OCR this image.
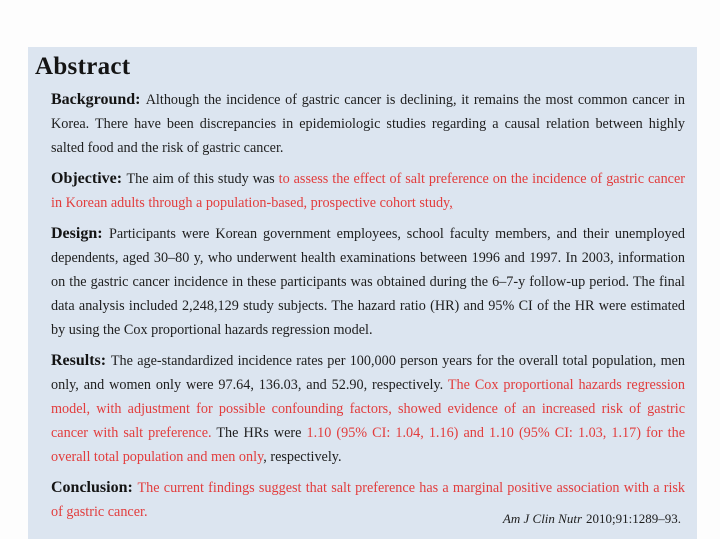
Abstract

Background: Although the incidence of gastric cancer is declining, it remains the most common cancer in Korea. There have been discrepancies in epidemiologic studies regarding a causal relation between highly salted food and the risk of gastric cancer.

Objective: The aim of this study was to assess the effect of salt preference on the incidence of gastric cancer in Korean adults through a population-based, prospective cohort study,

Design: Participants were Korean government employees, school faculty members, and their unemployed dependents, aged 30–80 y, who underwent health examinations between 1996 and 1997. In 2003, information on the gastric cancer incidence in these participants was obtained during the 6–7-y follow-up period. The final data analysis included 2,248,129 study subjects. The hazard ratio (HR) and 95% CI of the HR were estimated by using the Cox proportional hazards regression model.

Results: The age-standardized incidence rates per 100,000 person years for the overall total population, men only, and women only were 97.64, 136.03, and 52.90, respectively. The Cox proportional hazards regression model, with adjustment for possible confounding factors, showed evidence of an increased risk of gastric cancer with salt preference. The HRs were 1.10 (95% CI: 1.04, 1.16) and 1.10 (95% CI: 1.03, 1.17) for the overall total population and men only, respectively.

Conclusion: The current findings suggest that salt preference has a marginal positive association with a risk of gastric cancer.	Am J Clin Nutr 2010;91:1289–93.
